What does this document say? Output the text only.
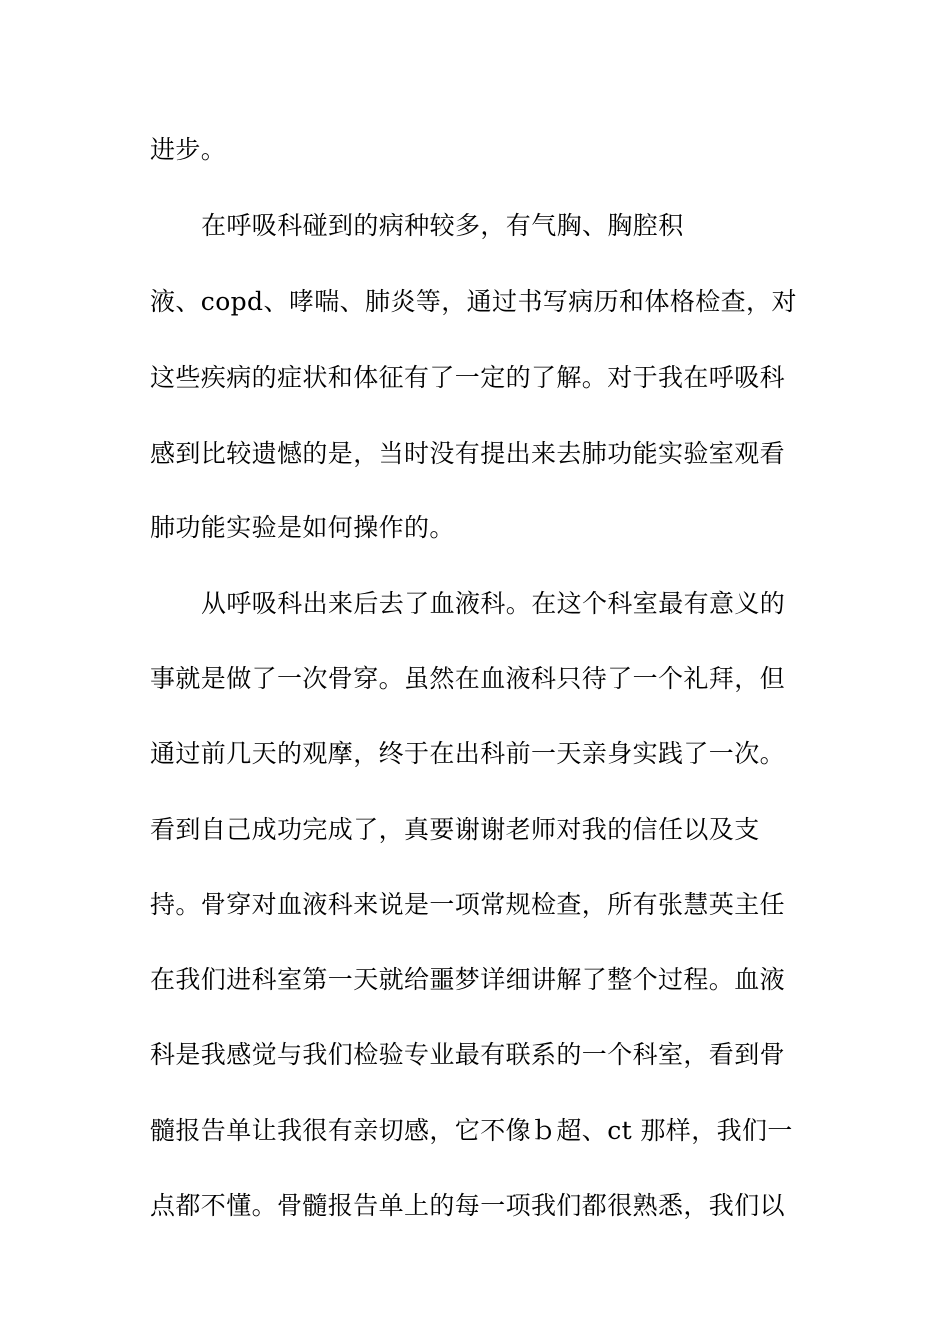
进步。
在呼吸科碰到的病种较多，有气胸、胸腔积
液、copd、哮喘、肺炎等，通过书写病历和体格检查，对
这些疾病的症状和体征有了一定的了解。对于我在呼吸科
感到比较遗憾的是，当时没有提出来去肺功能实验室观看
肺功能实验是如何操作的。
从呼吸科出来后去了血液科。在这个科室最有意义的
事就是做了一次骨穿。虽然在血液科只待了一个礼拜，但
通过前几天的观摩，终于在出科前一天亲身实践了一次。
看到自己成功完成了，真要谢谢老师对我的信任以及支
持。骨穿对血液科来说是一项常规检查，所有张慧英主任
在我们进科室第一天就给噩梦详细讲解了整个过程。血液
科是我感觉与我们检验专业最有联系的一个科室，看到骨
髓报告单让我很有亲切感，它不像ｂ超、ct 那样，我们一
点都不懂。骨髓报告单上的每一项我们都很熟悉，我们以
